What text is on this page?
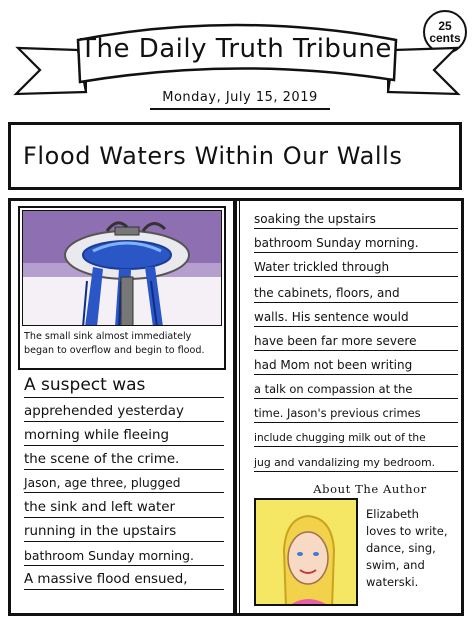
25
cents
The Daily Truth Tribune
Monday, July 15, 2019
Flood Waters Within Our Walls
The small sink almost immediately
began to overflow and begin to flood.
A suspect was
apprehended yesterday
morning while fleeing
the scene of the crime.
Jason, age three, plugged
the sink and left water
running in the upstairs
bathroom Sunday morning.
A massive flood ensued,
soaking the upstairs
bathroom Sunday morning.
Water trickled through
the cabinets, floors, and
walls. His sentence would
have been far more severe
had Mom not been writing
a talk on compassion at the
time. Jason's previous crimes
include chugging milk out of the
jug and vandalizing my bedroom.
About The Author
Elizabeth
loves to write,
dance, sing,
swim, and
waterski.
